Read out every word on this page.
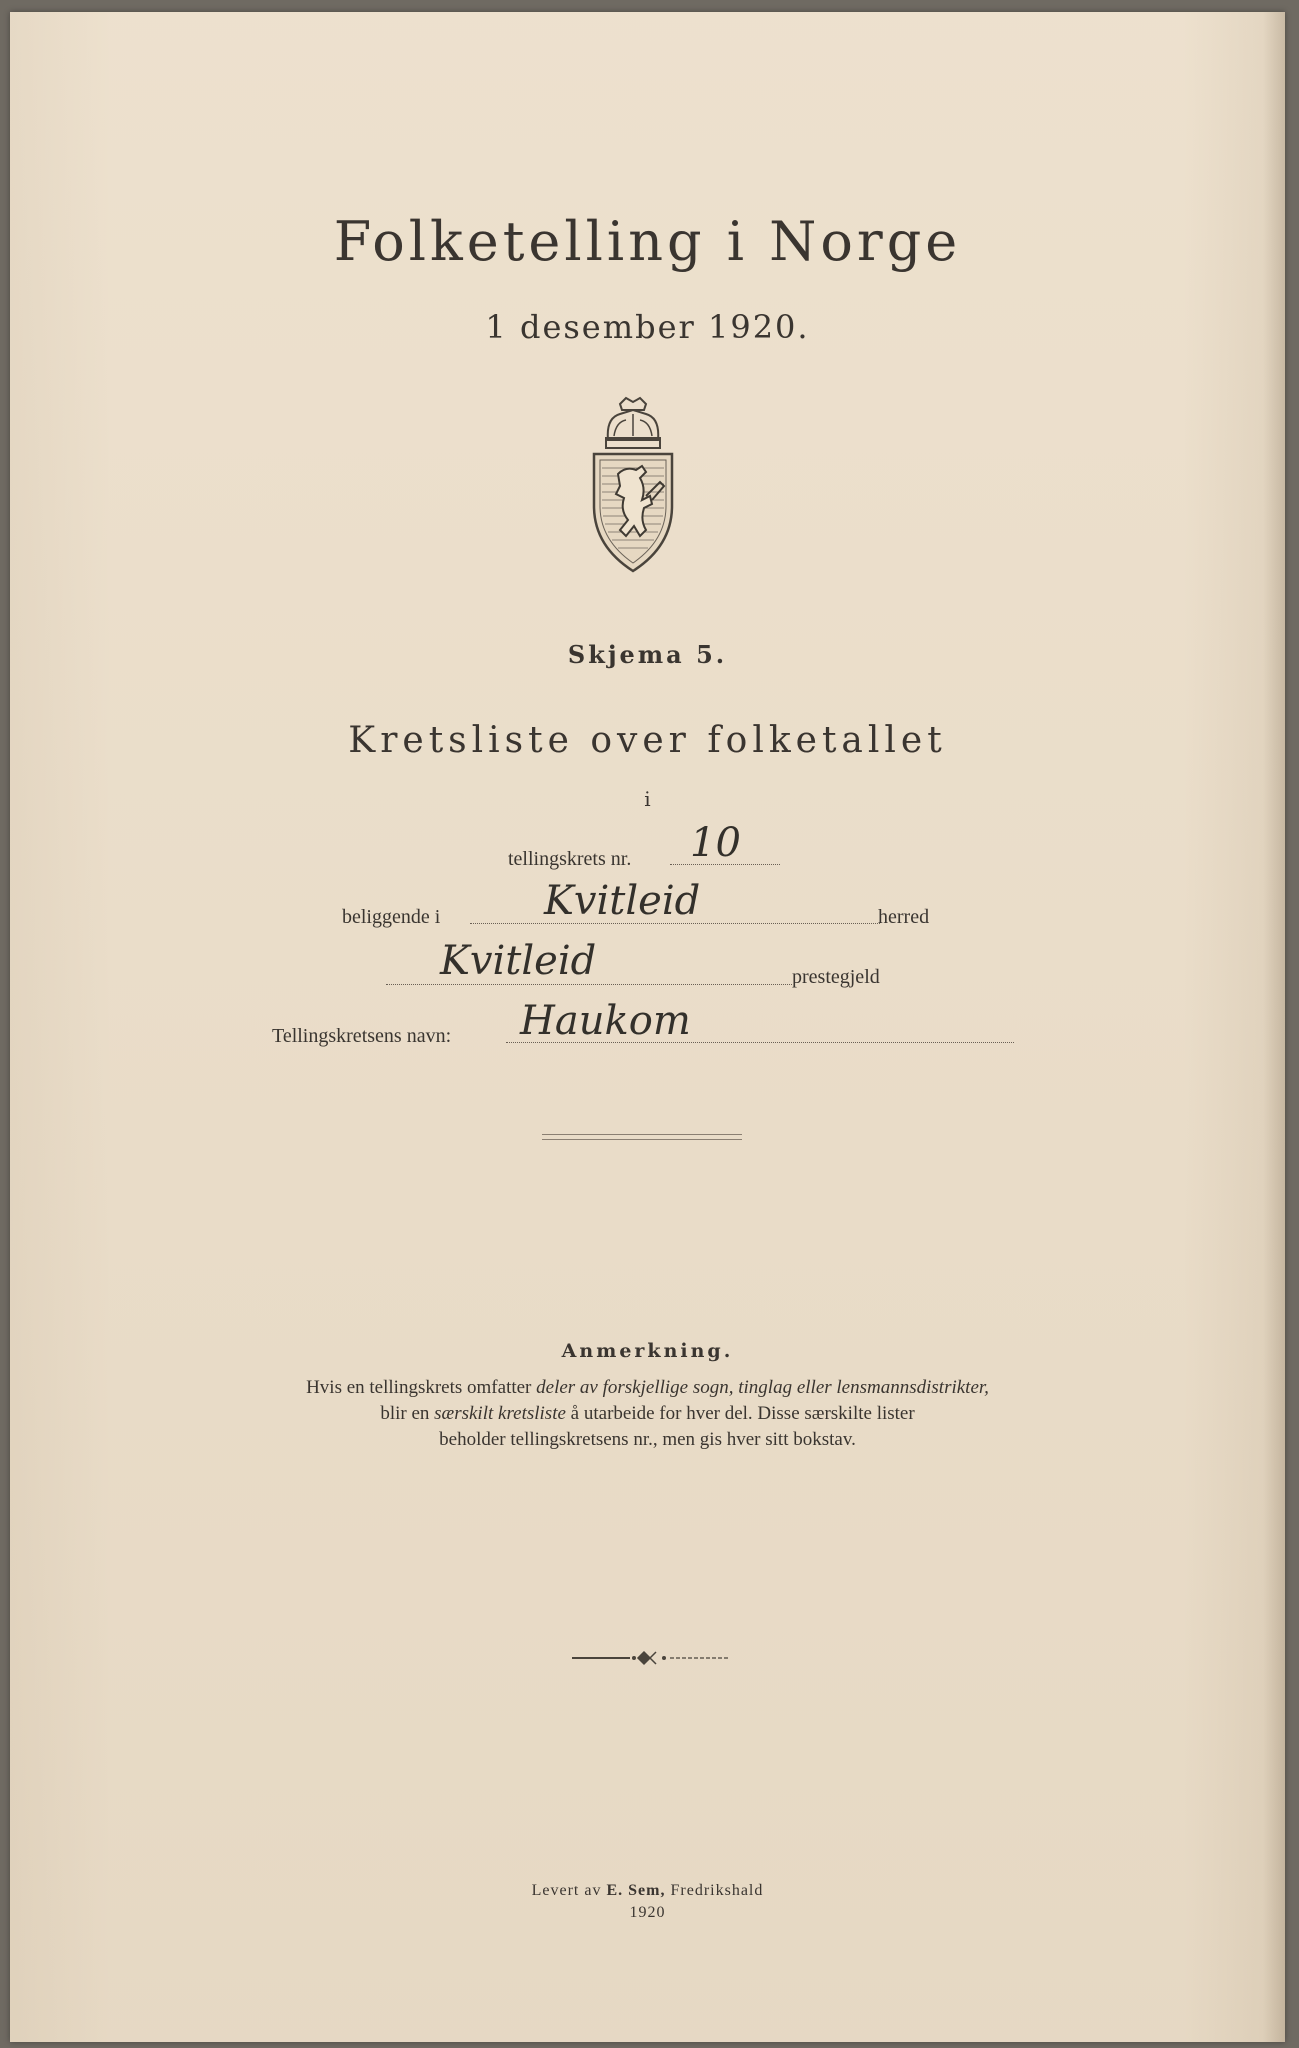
Folketelling i Norge
1 desember 1920.
Skjema 5.
Kretsliste over folketallet
i
tellingskrets nr. 10
beliggende i	Kvitleid	herred
Kvitleid	prestegjeld
Tellingskretsens navn: Haukom
Anmerkning.
Hvis en tellingskrets omfatter deler av forskjellige sogn, tinglag eller lensmannsdistrikter,
blir en særskilt kretsliste å utarbeide for hver del. Disse særskilte lister
beholder tellingskretsens nr., men gis hver sitt bokstav.
Levert av E. Sem, Fredrikshald
1920
